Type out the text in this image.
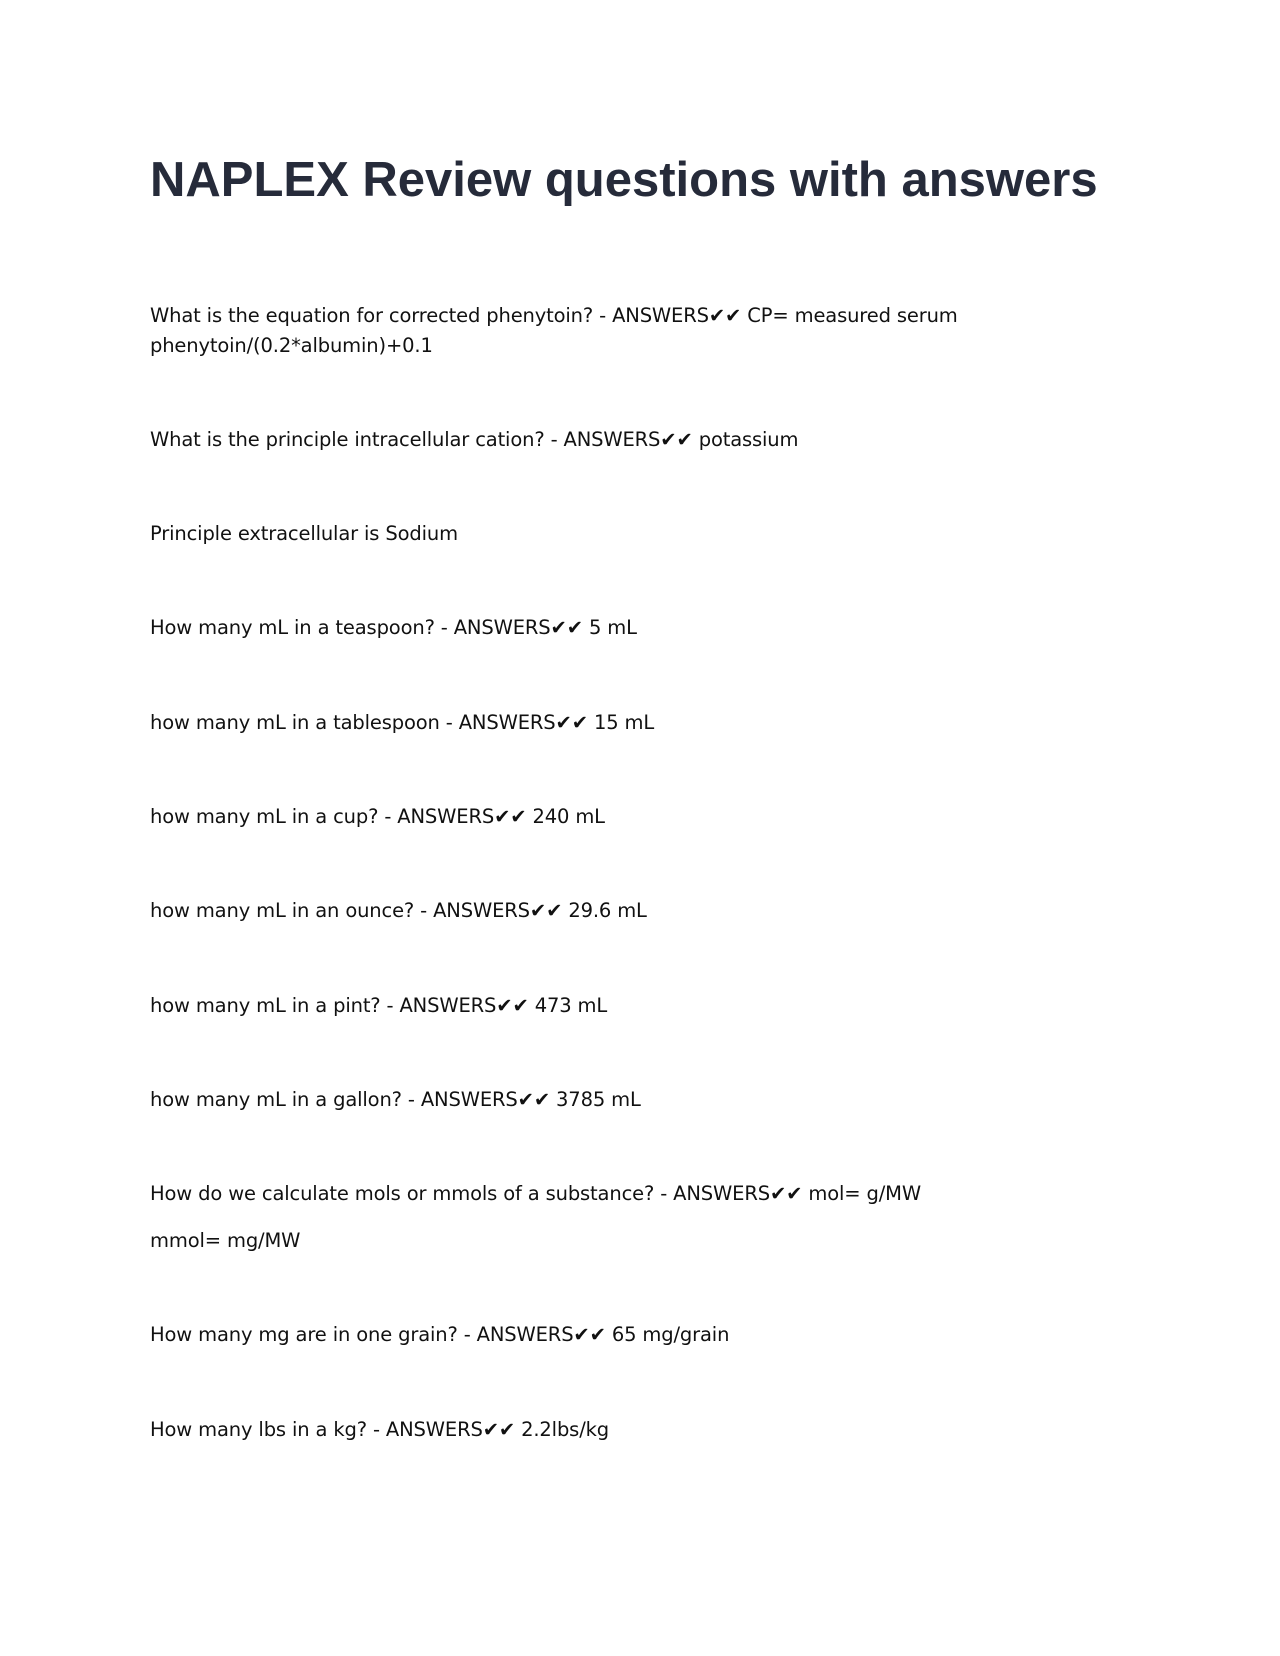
NAPLEX Review questions with answers

What is the equation for corrected phenytoin? - ANSWERS✔✔ CP= measured serum

phenytoin/(0.2*albumin)+0.1

What is the principle intracellular cation? - ANSWERS✔✔ potassium

Principle extracellular is Sodium

How many mL in a teaspoon? - ANSWERS✔✔ 5 mL

how many mL in a tablespoon - ANSWERS✔✔ 15 mL

how many mL in a cup? - ANSWERS✔✔ 240 mL

how many mL in an ounce? - ANSWERS✔✔ 29.6 mL

how many mL in a pint? - ANSWERS✔✔ 473 mL

how many mL in a gallon? - ANSWERS✔✔ 3785 mL

How do we calculate mols or mmols of a substance? - ANSWERS✔✔ mol= g/MW

mmol= mg/MW

How many mg are in one grain? - ANSWERS✔✔ 65 mg/grain

How many lbs in a kg? - ANSWERS✔✔ 2.2lbs/kg
